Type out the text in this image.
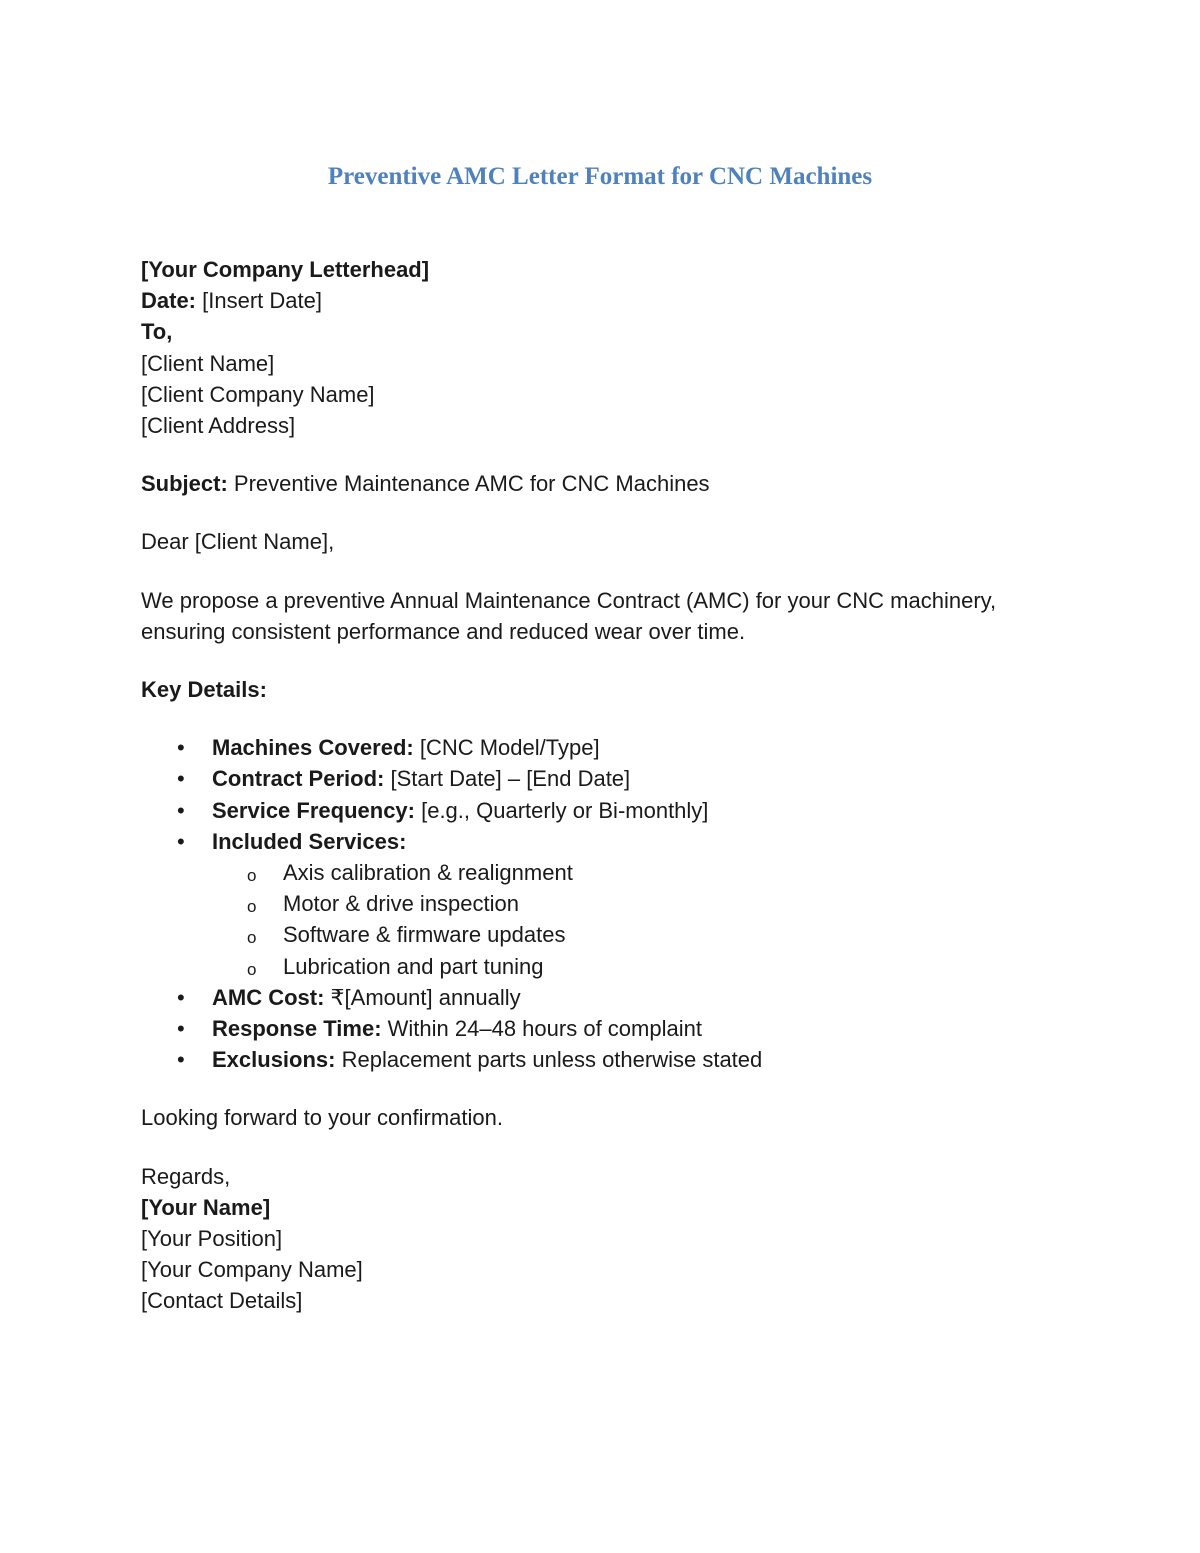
Preventive AMC Letter Format for CNC Machines
[Your Company Letterhead]
Date: [Insert Date]
To,
[Client Name]
[Client Company Name]
[Client Address]
Subject: Preventive Maintenance AMC for CNC Machines
Dear [Client Name],
We propose a preventive Annual Maintenance Contract (AMC) for your CNC machinery,
ensuring consistent performance and reduced wear over time.
Key Details:
•	Machines Covered: [CNC Model/Type]
•	Contract Period: [Start Date] – [End Date]
•	Service Frequency: [e.g., Quarterly or Bi-monthly]
•	Included Services:
o Axis calibration & realignment
o Motor & drive inspection
o Software & firmware updates
o Lubrication and part tuning
•	AMC Cost: ₹[Amount] annually
•	Response Time: Within 24–48 hours of complaint
•	Exclusions: Replacement parts unless otherwise stated
Looking forward to your confirmation.
Regards,
[Your Name]
[Your Position]
[Your Company Name]
[Contact Details]
